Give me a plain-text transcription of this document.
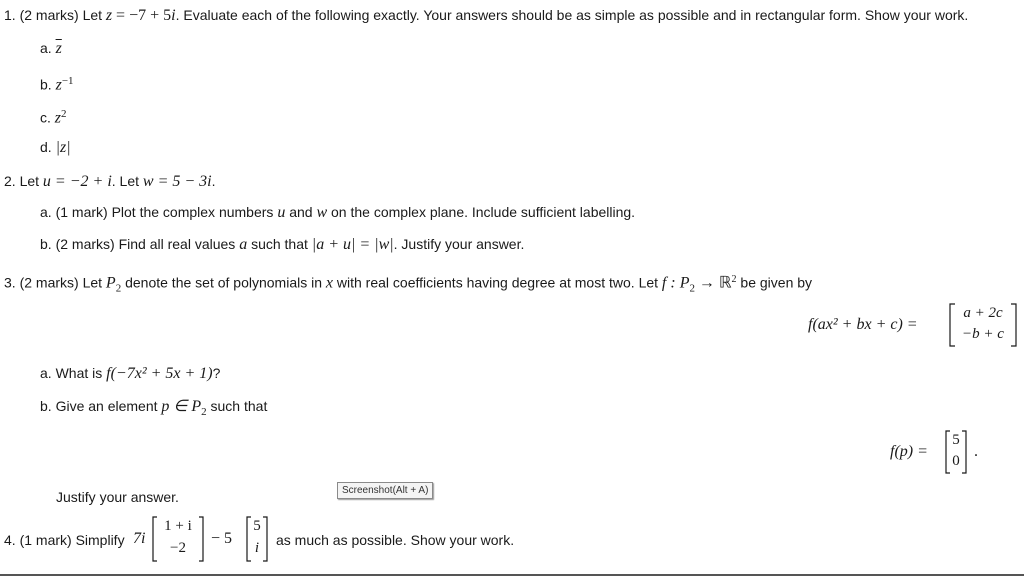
1. (2 marks) Let z = −7 + 5i. Evaluate each of the following exactly. Your answers should be as simple as possible and in rectangular form. Show your work.
a. $\overline{z}$
b. $z^{-1}$
c. $z^2$
d. |z|
2. Let u = −2 + i. Let w = 5 − 3i.
a. (1 mark) Plot the complex numbers u and w on the complex plane. Include sufficient labelling.
b. (2 marks) Find all real values a such that |a + u| = |w|. Justify your answer.
3. (2 marks) Let $P_2$ denote the set of polynomials in x with real coefficients having degree at most two. Let f : $P_2$ → ℝ$^2$ be given by
f(ax² + bx + c) =
a + 2c
−b + c
a. What is f(−7x² + 5x + 1)?
b. Give an element p ∈ $P_2$ such that
f(p) =
5
0
.
Justify your answer.
4. (1 mark) Simplify 7i
1 + i
−2
− 5
5
i	as much as possible. Show your work.
Screenshot(Alt + A)
